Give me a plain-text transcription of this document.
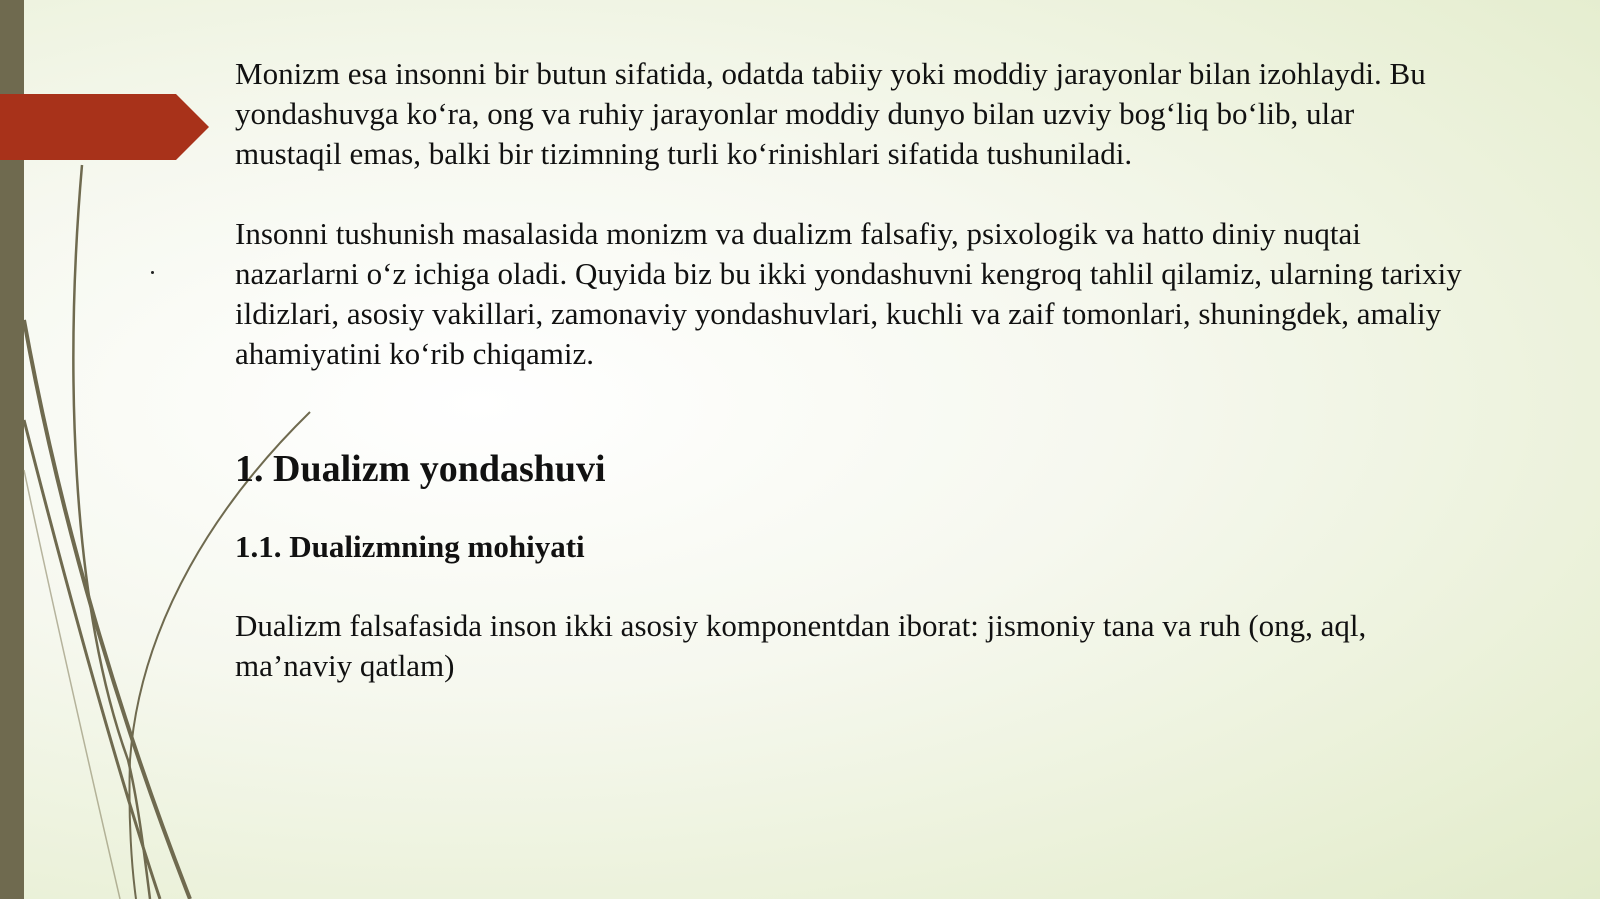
Monizm esa insonni bir butun sifatida, odatda tabiiy yoki moddiy jarayonlar bilan izohlaydi. Bu yondashuvga ko‘ra, ong va ruhiy jarayonlar moddiy dunyo bilan uzviy bog‘liq bo‘lib, ular mustaqil emas, balki bir tizimning turli ko‘rinishlari sifatida tushuniladi.

Insonni tushunish masalasida monizm va dualizm falsafiy, psixologik va hatto diniy nuqtai nazarlarni o‘z ichiga oladi. Quyida biz bu ikki yondashuvni kengroq tahlil qilamiz, ularning tarixiy ildizlari, asosiy vakillari, zamonaviy yondashuvlari, kuchli va zaif tomonlari, shuningdek, amaliy ahamiyatini ko‘rib chiqamiz.

1. Dualizm yondashuvi
1.1. Dualizmning mohiyati

Dualizm falsafasida inson ikki asosiy komponentdan iborat: jismoniy tana va ruh (ong, aql, ma’naviy qatlam)
